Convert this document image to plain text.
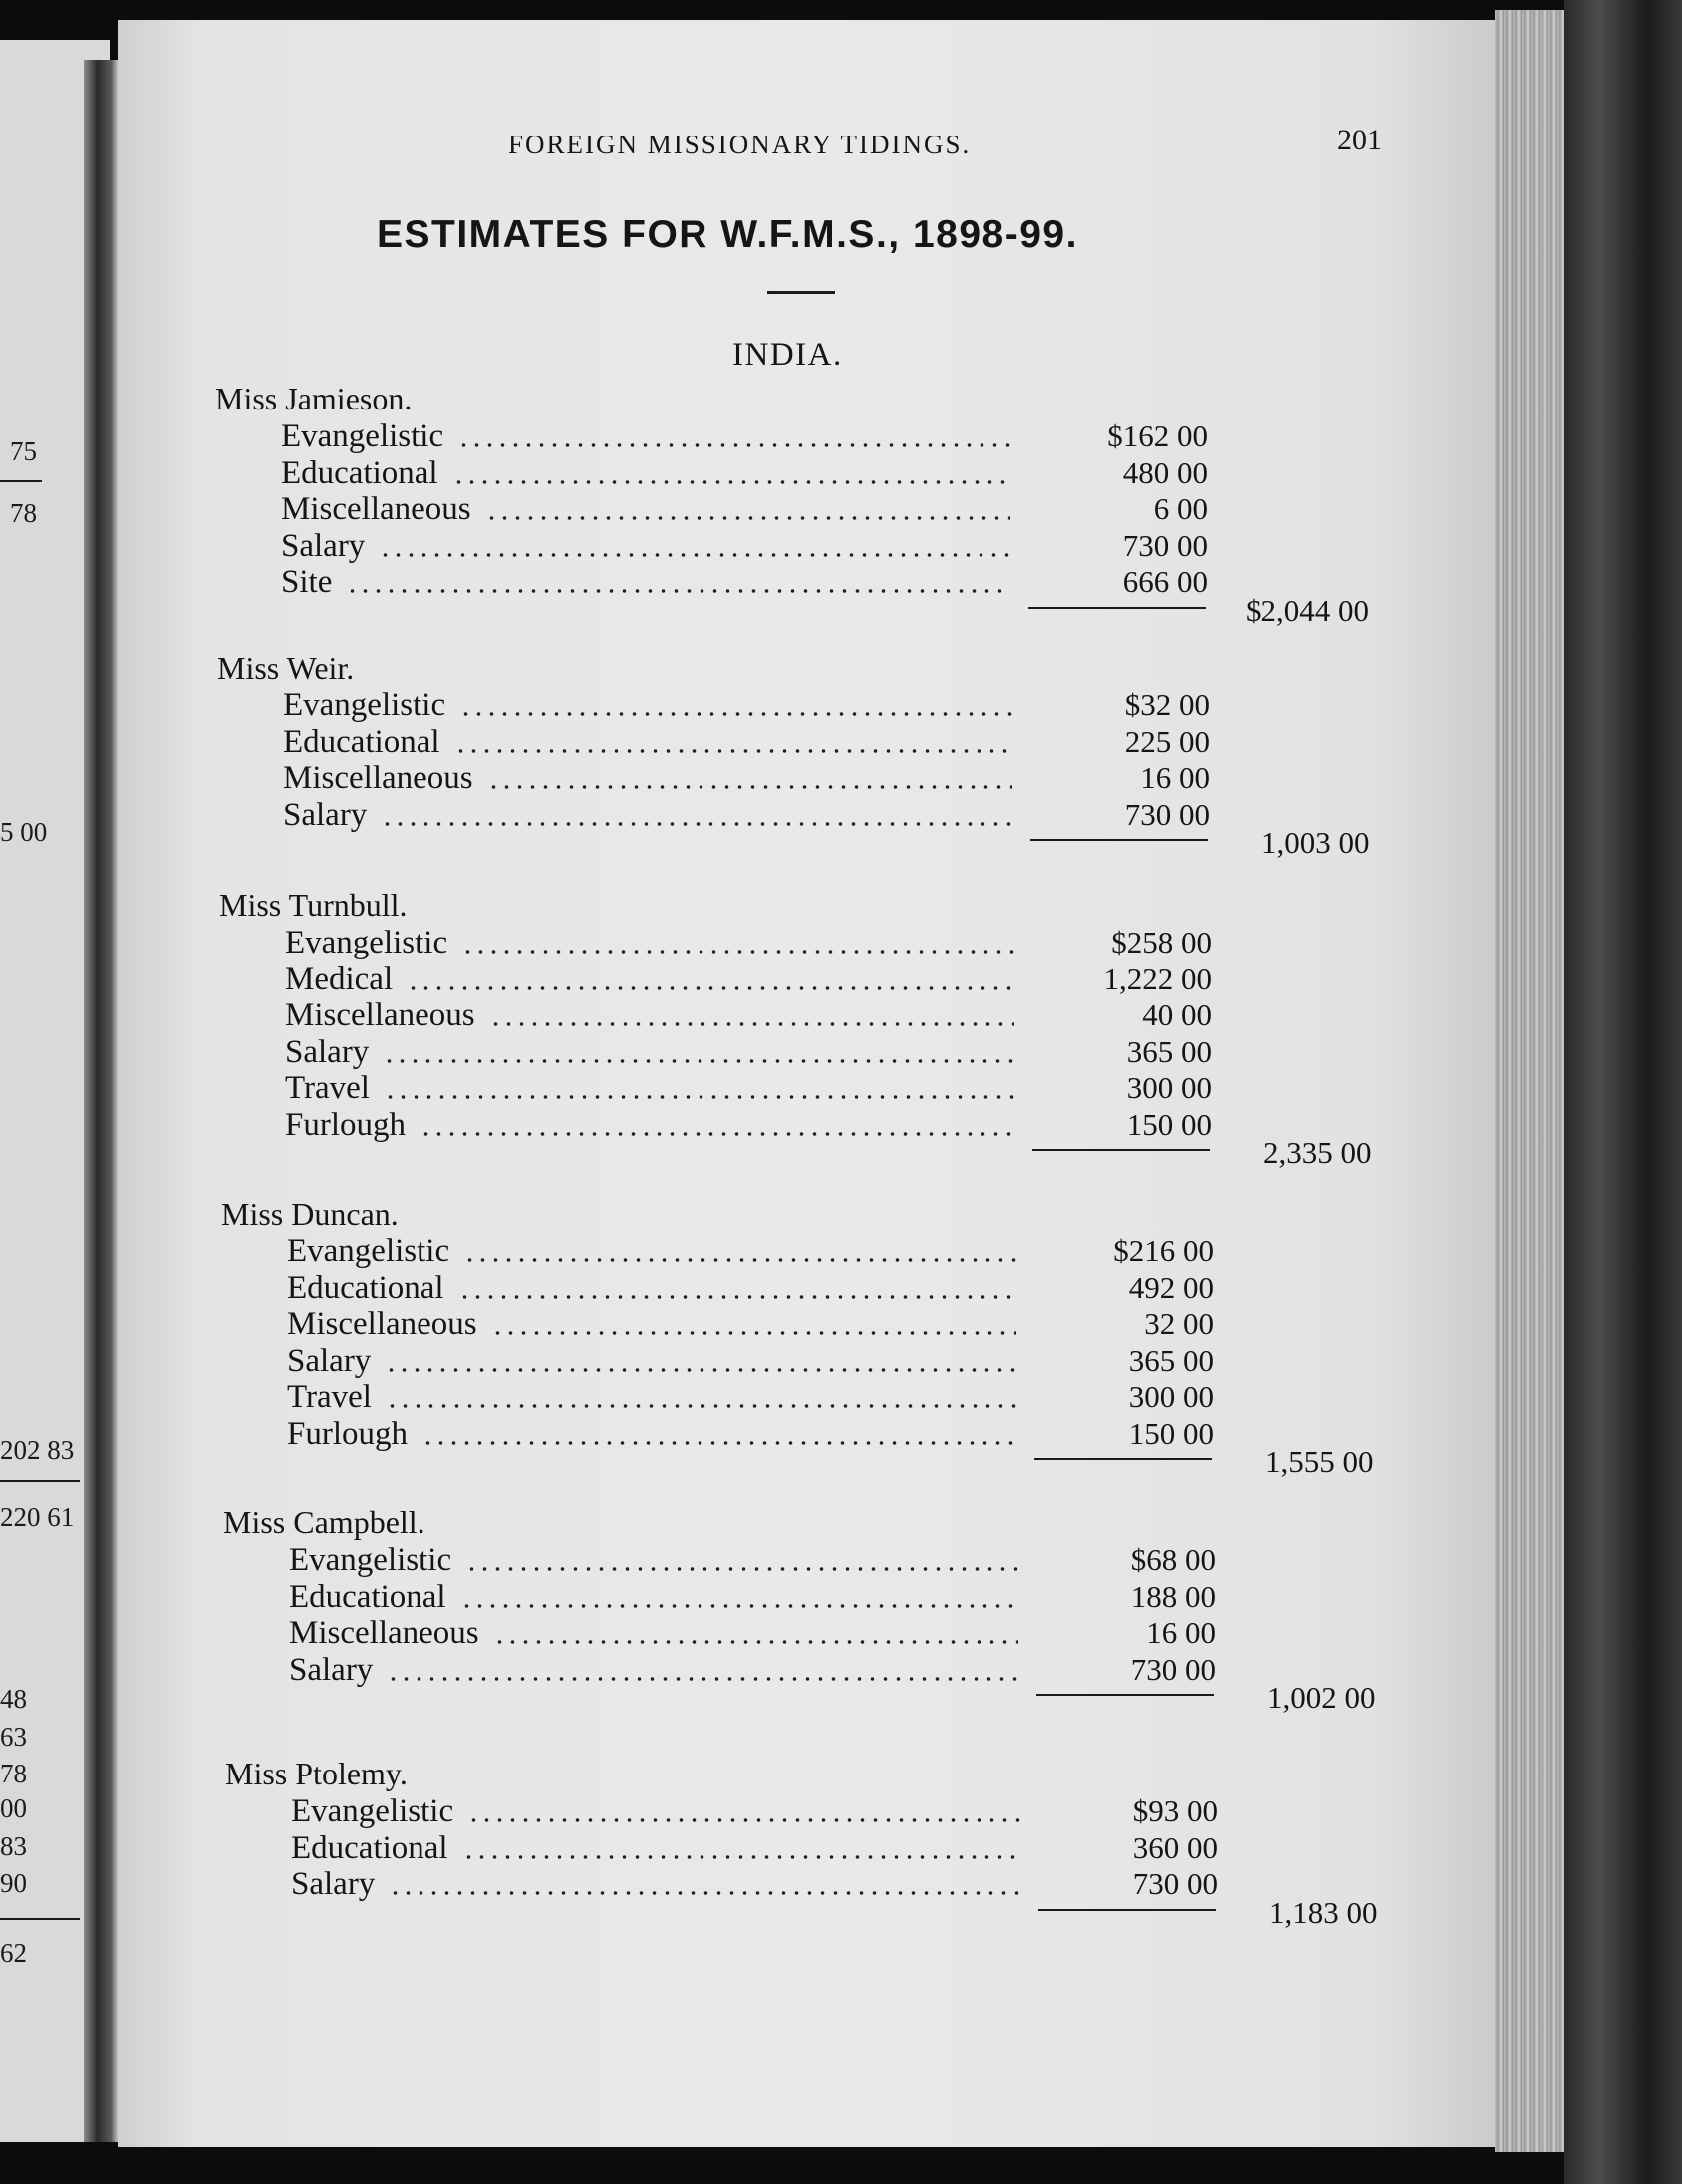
75
78
5 00
202 83
220 61
48
63
78
00
83
90
62
FOREIGN MISSIONARY TIDINGS.	201
ESTIMATES FOR W.F.M.S., 1898-99.
INDIA.
Miss Jamieson.
Evangelistic	$162 00
Educational	480 00
Miscellaneous	6 00
Salary	730 00
Site	666 00
$2,044 00
Miss Weir.
Evangelistic	$32 00
Educational	225 00
Miscellaneous	16 00
Salary	730 00
1,003 00
Miss Turnbull.
Evangelistic	$258 00
Medical	1,222 00
Miscellaneous	40 00
Salary	365 00
Travel	300 00
Furlough	150 00
2,335 00
Miss Duncan.
Evangelistic	$216 00
Educational	492 00
Miscellaneous	32 00
Salary	365 00
Travel	300 00
Furlough	150 00
1,555 00
Miss Campbell.
Evangelistic	$68 00
Educational	188 00
Miscellaneous	16 00
Salary	730 00
1,002 00
Miss Ptolemy.
Evangelistic	$93 00
Educational	360 00
Salary	730 00
1,183 00
